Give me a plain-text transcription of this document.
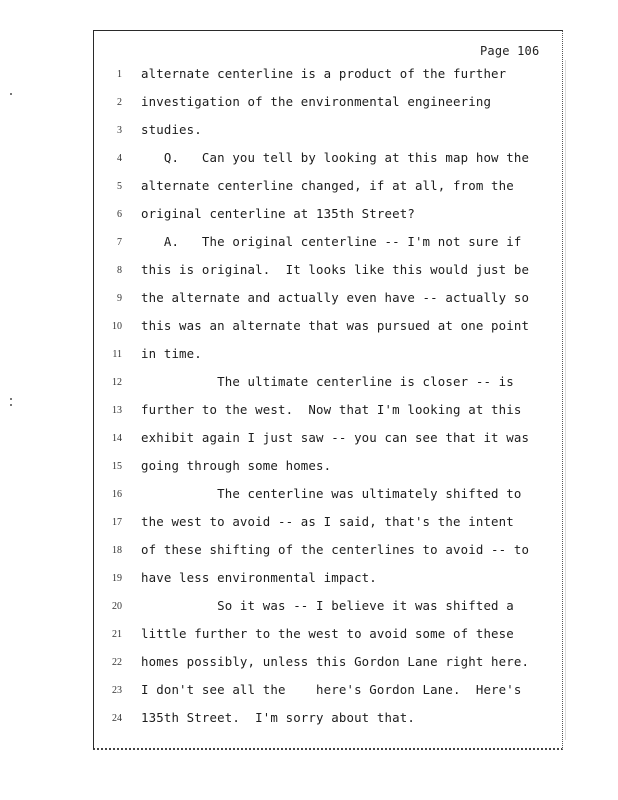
Page 106
1 alternate centerline is a product of the further
2 investigation of the environmental engineering
3 studies.
4 Q.   Can you tell by looking at this map how the
5 alternate centerline changed, if at all, from the
6 original centerline at 135th Street?
7 A.   The original centerline -- I'm not sure if
8 this is original.  It looks like this would just be
9 the alternate and actually even have -- actually so
10 this was an alternate that was pursued at one point
11 in time.
12 The ultimate centerline is closer -- is
13 further to the west.  Now that I'm looking at this
14 exhibit again I just saw -- you can see that it was
15 going through some homes.
16 The centerline was ultimately shifted to
17 the west to avoid -- as I said, that's the intent
18 of these shifting of the centerlines to avoid -- to
19 have less environmental impact.
20 So it was -- I believe it was shifted a
21 little further to the west to avoid some of these
22 homes possibly, unless this Gordon Lane right here.
23 I don't see all the    here's Gordon Lane.  Here's
24 135th Street.  I'm sorry about that.
